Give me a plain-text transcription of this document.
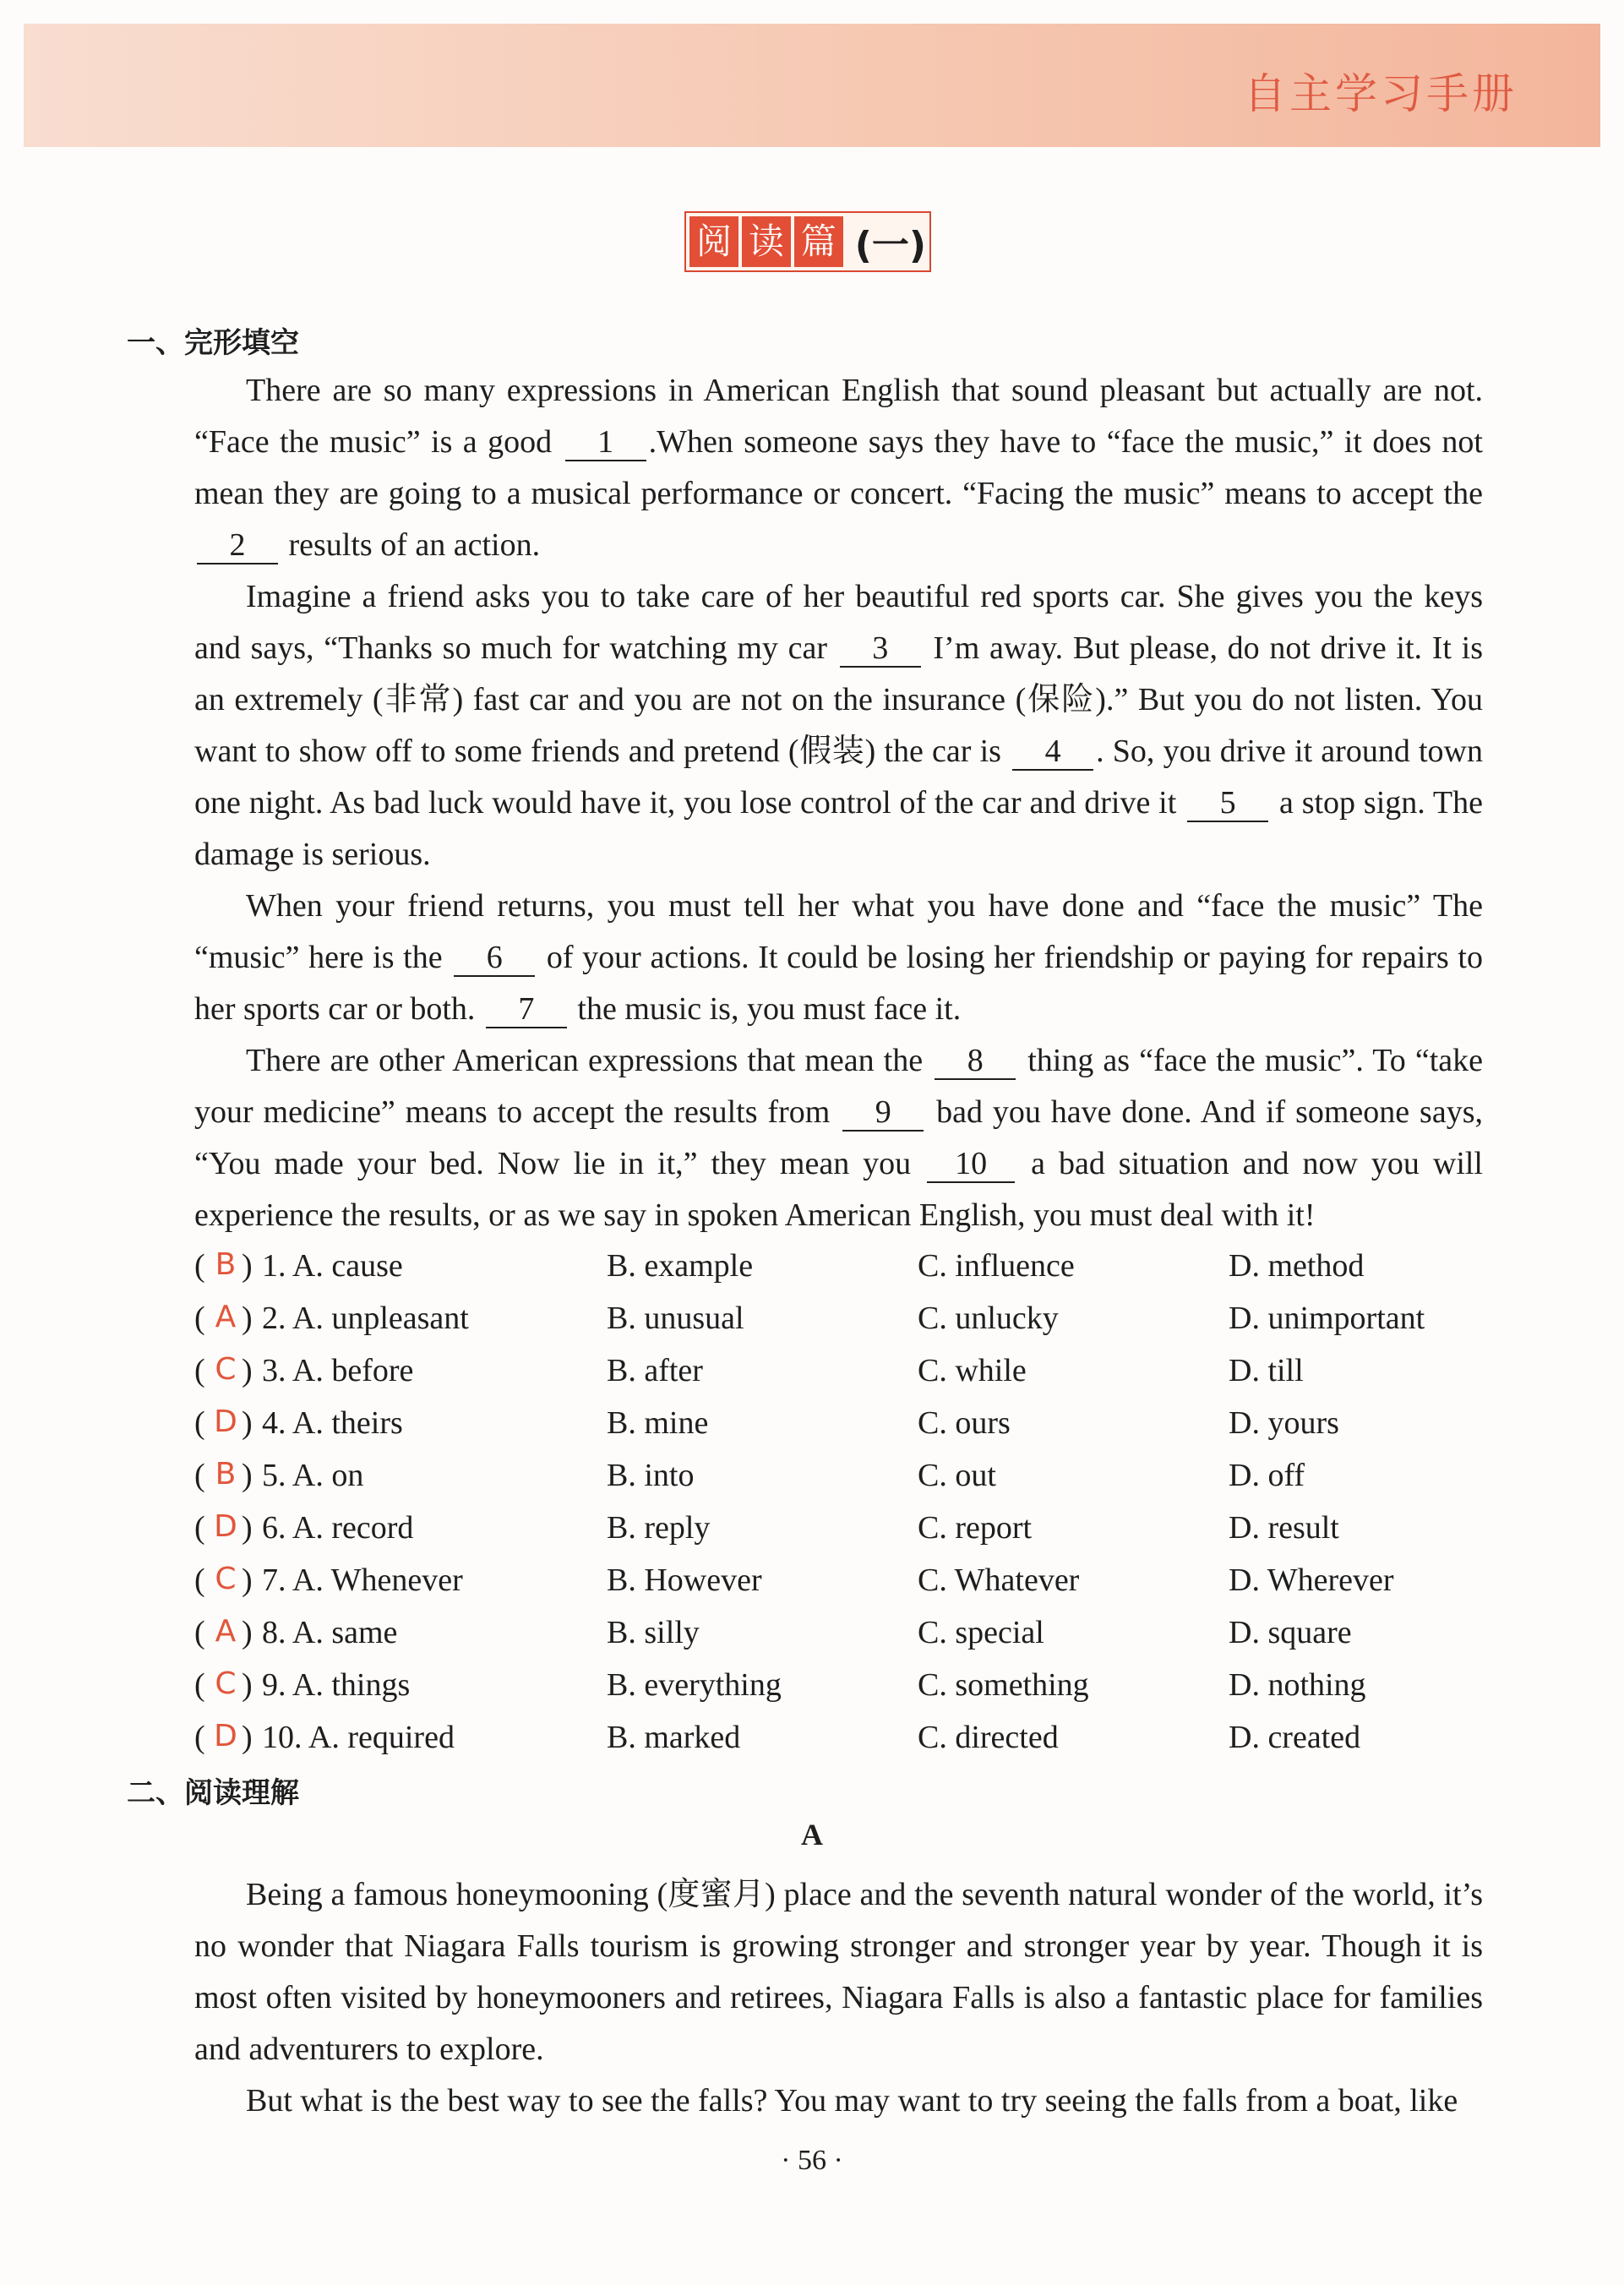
自主学习手册
阅 读 篇 (一)
一、完形填空

There are so many expressions in American English that sound pleasant but actually are not. “Face the music” is a good 1 .When someone says they have to “face the music,” it does not mean they are going to a musical performance or concert. “Facing the music” means to accept the 2 results of an action.

Imagine a friend asks you to take care of her beautiful red sports car. She gives you the keys and says, “Thanks so much for watching my car 3 I’m away. But please, do not drive it. It is an extremely (非常) fast car and you are not on the insurance (保险).” But you do not listen. You want to show off to some friends and pretend (假装) the car is 4 . So, you drive it around town one night. As bad luck would have it, you lose control of the car and drive it 5 a stop sign. The damage is serious.

When your friend returns, you must tell her what you have done and “face the music” The “music” here is the 6 of your actions. It could be losing her friendship or paying for repairs to her sports car or both. 7 the music is, you must face it.

There are other American expressions that mean the 8 thing as “face the music”. To “take your medicine” means to accept the results from 9 bad you have done. And if someone says, “You made your bed. Now lie in it,” they mean you 10 a bad situation and now you will experience the results, or as we say in spoken American English, you must deal with it!

( B ) 1. A. cause	B. example	C. influence	D. method
( A ) 2. A. unpleasant	B. unusual	C. unlucky	D. unimportant
( C ) 3. A. before	B. after	C. while	D. till
( D ) 4. A. theirs	B. mine	C. ours	D. yours
( B ) 5. A. on	B. into	C. out	D. off
( D ) 6. A. record	B. reply	C. report	D. result
( C ) 7. A. Whenever	B. However	C. Whatever	D. Wherever
( A ) 8. A. same	B. silly	C. special	D. square
( C ) 9. A. things	B. everything	C. something	D. nothing
( D ) 10. A. required	B. marked	C. directed	D. created
二、阅读理解
A

Being a famous honeymooning (度蜜月) place and the seventh natural wonder of the world, it’s no wonder that Niagara Falls tourism is growing stronger and stronger year by year. Though it is most often visited by honeymooners and retirees, Niagara Falls is also a fantastic place for families and adventurers to explore.

But what is the best way to see the falls? You may want to try seeing the falls from a boat, like

· 56 ·
